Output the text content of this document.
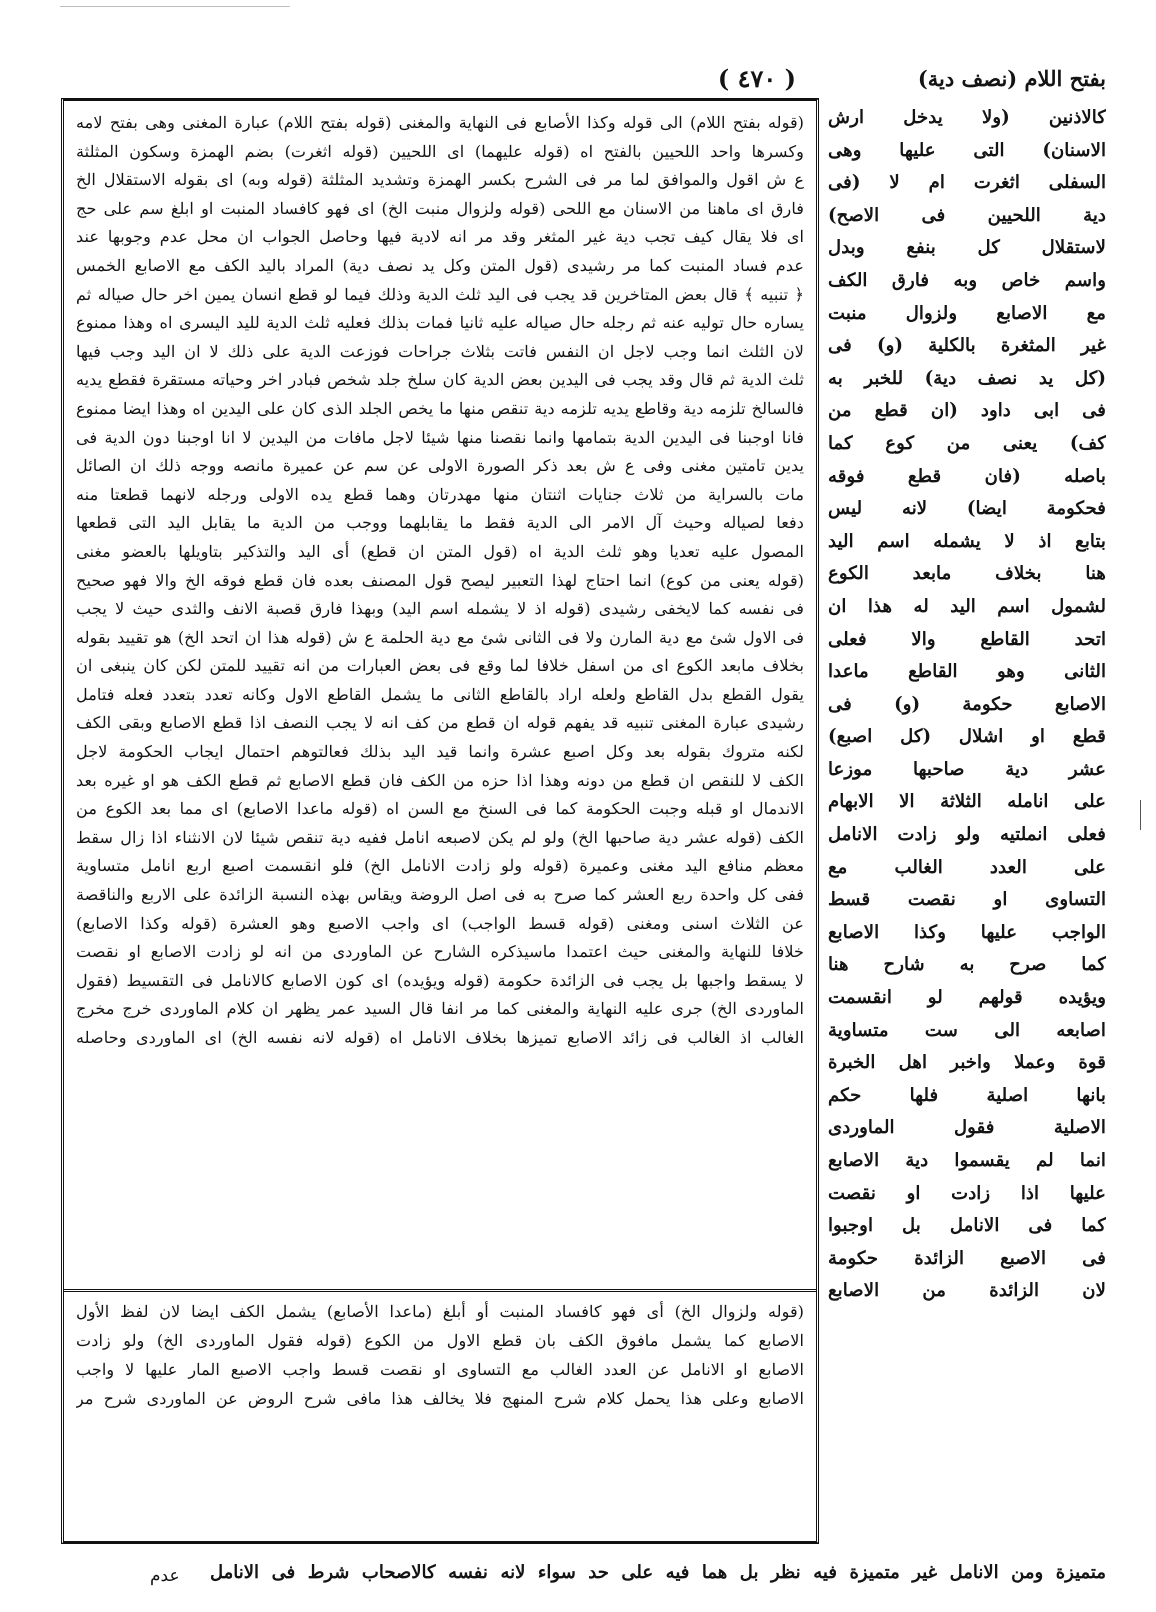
بفتح اللام (نصف دية)
( ٤٧٠ )
(قوله بفتح اللام) الى قوله وكذا الأصابع فى النهاية والمغنى (قوله بفتح اللام) عبارة المغنى وهى بفتح لامه
وكسرها واحد اللحيين بالفتح اه (قوله عليهما) اى اللحيين (قوله اثغرت) بضم الهمزة وسكون المثلثة
ع ش اقول والموافق لما مر فى الشرح بكسر الهمزة وتشديد المثلثة (قوله وبه) اى بقوله الاستقلال الخ
فارق اى ماهنا من الاسنان مع اللحى (قوله ولزوال منبت الخ) اى فهو كافساد المنبت او ابلغ سم على حج
اى فلا يقال كيف تجب دية غير المثغر وقد مر انه لادية فيها وحاصل الجواب ان محل عدم وجوبها عند
عدم فساد المنبت كما مر رشيدى (قول المتن وكل يد نصف دية) المراد باليد الكف مع الاصابع الخمس
﴿ تنبيه ﴾ قال بعض المتاخرين قد يجب فى اليد ثلث الدية وذلك فيما لو قطع انسان يمين اخر حال صياله ثم
يساره حال توليه عنه ثم رجله حال صياله عليه ثانيا فمات بذلك فعليه ثلث الدية لليد اليسرى اه وهذا ممنوع
لان الثلث انما وجب لاجل ان النفس فاتت بثلاث جراحات فوزعت الدية على ذلك لا ان اليد وجب فيها
ثلث الدية ثم قال وقد يجب فى اليدين بعض الدية كان سلخ جلد شخص فبادر اخر وحياته مستقرة فقطع يديه
فالسالخ تلزمه دية وقاطع يديه تلزمه دية تنقص منها ما يخص الجلد الذى كان على اليدين اه وهذا ايضا ممنوع
فانا اوجبنا فى اليدين الدية بتمامها وانما نقصنا منها شيئا لاجل مافات من اليدين لا انا اوجبنا دون الدية فى
يدين تامتين مغنى وفى ع ش بعد ذكر الصورة الاولى عن سم عن عميرة مانصه ووجه ذلك ان الصائل
مات بالسراية من ثلاث جنايات اثنتان منها مهدرتان وهما قطع يده الاولى ورجله لانهما قطعتا منه
دفعا لصياله وحيث آل الامر الى الدية فقط ما يقابلهما ووجب من الدية ما يقابل اليد التى قطعها
المصول عليه تعديا وهو ثلث الدية اه (قول المتن ان قطع) أى اليد والتذكير بتاويلها بالعضو مغنى
(قوله يعنى من كوع) انما احتاج لهذا التعبير ليصح قول المصنف بعده فان قطع فوقه الخ والا فهو صحيح
فى نفسه كما لايخفى رشيدى (قوله اذ لا يشمله اسم اليد) وبهذا فارق قصبة الانف والثدى حيث لا يجب
فى الاول شئ مع دية المارن ولا فى الثانى شئ مع دية الحلمة ع ش (قوله هذا ان اتحد الخ) هو تقييد بقوله
بخلاف مابعد الكوع اى من اسفل خلافا لما وقع فى بعض العبارات من انه تقييد للمتن لكن كان ينبغى ان
يقول القطع بدل القاطع ولعله اراد بالقاطع الثانى ما يشمل القاطع الاول وكانه تعدد بتعدد فعله فتامل
رشيدى عبارة المغنى تنبيه قد يفهم قوله ان قطع من كف انه لا يجب النصف اذا قطع الاصابع وبقى الكف
لكنه متروك بقوله بعد وكل اصبع عشرة وانما قيد اليد بذلك فعالتوهم احتمال ايجاب الحكومة لاجل
الكف لا للنقص ان قطع من دونه وهذا اذا حزه من الكف فان قطع الاصابع ثم قطع الكف هو او غيره بعد
الاندمال او قبله وجبت الحكومة كما فى السنخ مع السن اه (قوله ماعدا الاصابع) اى مما بعد الكوع من
الكف (قوله عشر دية صاحبها الخ) ولو لم يكن لاصبعه انامل ففيه دية تنقص شيئا لان الانثناء اذا زال سقط
معظم منافع اليد مغنى وعميرة (قوله ولو زادت الانامل الخ) فلو انقسمت اصبع اربع انامل متساوية
ففى كل واحدة ربع العشر كما صرح به فى اصل الروضة ويقاس بهذه النسبة الزائدة على الاربع والناقصة
عن الثلاث اسنى ومغنى (قوله قسط الواجب) اى واجب الاصبع وهو العشرة (قوله وكذا الاصابع)
خلافا للنهاية والمغنى حيث اعتمدا ماسيذكره الشارح عن الماوردى من انه لو زادت الاصابع او نقصت
لا يسقط واجبها بل يجب فى الزائدة حكومة (قوله ويؤيده) اى كون الاصابع كالانامل فى التقسيط (فقول
الماوردى الخ) جرى عليه النهاية والمغنى كما مر انفا قال السيد عمر يظهر ان كلام الماوردى خرج مخرج
الغالب اذ الغالب فى زائد الاصابع تميزها بخلاف الانامل اه (قوله لانه نفسه الخ) اى الماوردى وحاصله
(قوله ولزوال الخ) أى فهو كافساد المنبت أو أبلغ (ماعدا الأصابع) يشمل الكف ايضا لان لفظ الأول
الاصابع كما يشمل مافوق الكف بان قطع الاول من الكوع (قوله فقول الماوردى الخ) ولو زادت
الاصابع او الانامل عن العدد الغالب مع التساوى او نقصت قسط واجب الاصبع المار عليها لا واجب
الاصابع وعلى هذا يحمل كلام شرح المنهج فلا يخالف هذا مافى شرح الروض عن الماوردى شرح مر
كالاذنين (ولا يدخل ارش
الاسنان) التى عليها وهى
السفلى اثغرت ام لا (فى
دية اللحيين فى الاصح)
لاستقلال كل بنفع وبدل
واسم خاص وبه فارق الكف
مع الاصابع ولزوال منبت
غير المثغرة بالكلية (و) فى
(كل يد نصف دية) للخبر به
فى ابى داود (ان قطع من
كف) يعنى من كوع كما
باصله (فان قطع فوقه
فحكومة ايضا) لانه ليس
بتابع اذ لا يشمله اسم اليد
هنا بخلاف مابعد الكوع
لشمول اسم اليد له هذا ان
اتحد القاطع والا فعلى
الثانى وهو القاطع ماعدا
الاصابع حكومة (و) فى
قطع او اشلال (كل اصبع)
عشر دية صاحبها موزعا
على انامله الثلاثة الا الابهام
فعلى انملتيه ولو زادت الانامل
على العدد الغالب مع
التساوى او نقصت قسط
الواجب عليها وكذا الاصابع
كما صرح به شارح هنا
ويؤيده قولهم لو انقسمت
اصابعه الى ست متساوية
قوة وعملا واخبر اهل الخبرة
بانها اصلية فلها حكم
الاصلية فقول الماوردى
انما لم يقسموا دية الاصابع
عليها اذا زادت او نقصت
كما فى الانامل بل اوجبوا
فى الاصبع الزائدة حكومة
لان الزائدة من الاصابع
متميزة ومن الانامل غير متميزة فيه نظر بل هما فيه على حد سواء لانه نفسه كالاصحاب شرط فى الانامل
عدم
